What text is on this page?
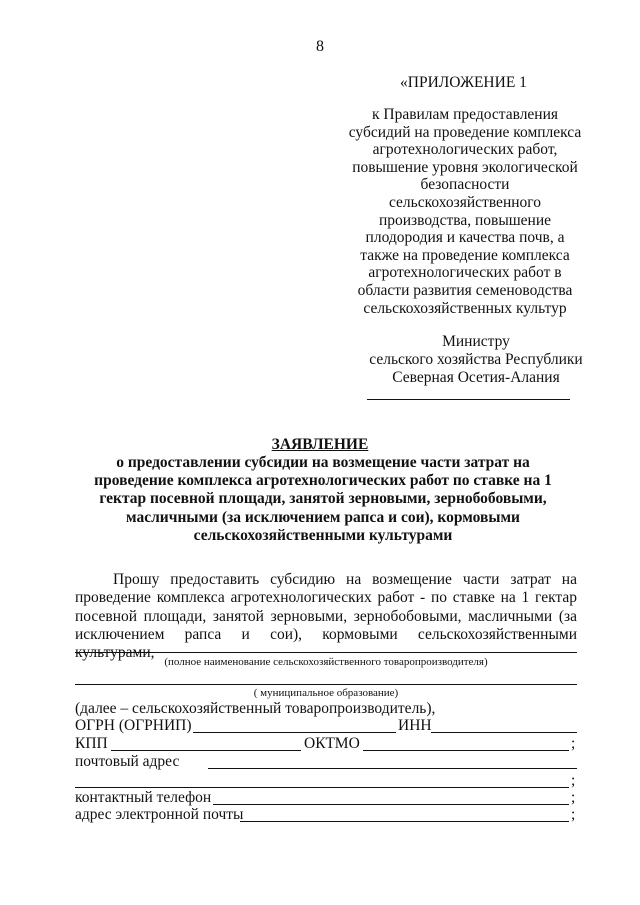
8
«ПРИЛОЖЕНИЕ 1
к Правилам предоставления
субсидий на проведение комплекса
агротехнологических работ,
повышение уровня экологической
безопасности
сельскохозяйственного
производства, повышение
плодородия и качества почв, а
также на проведение комплекса
агротехнологических работ в
области развития семеноводства
сельскохозяйственных культур
Министру
сельского хозяйства Республики
Северная Осетия-Алания
ЗАЯВЛЕНИЕ
о предоставлении субсидии на возмещение части затрат на проведение комплекса агротехнологических работ по ставке на 1 гектар посевной площади, занятой зерновыми, зернобобовыми, масличными (за исключением рапса и сои), кормовыми сельскохозяйственными культурами
Прошу предоставить субсидию на возмещение части затрат на проведение комплекса агротехнологических работ - по ставке на 1 гектар посевной площади, занятой зерновыми, зернобобовыми, масличными (за исключением рапса и сои), кормовыми сельскохозяйственными культурами,
(полное наименование сельскохозяйственного товаропроизводителя)
( муниципальное образование)
(далее – сельскохозяйственный товаропроизводитель),
ОГРН (ОГРНИП)	ИНН
КПП	ОКТМО	;
почтовый адрес
;
контактный телефон	;
адрес электронной почты	;
